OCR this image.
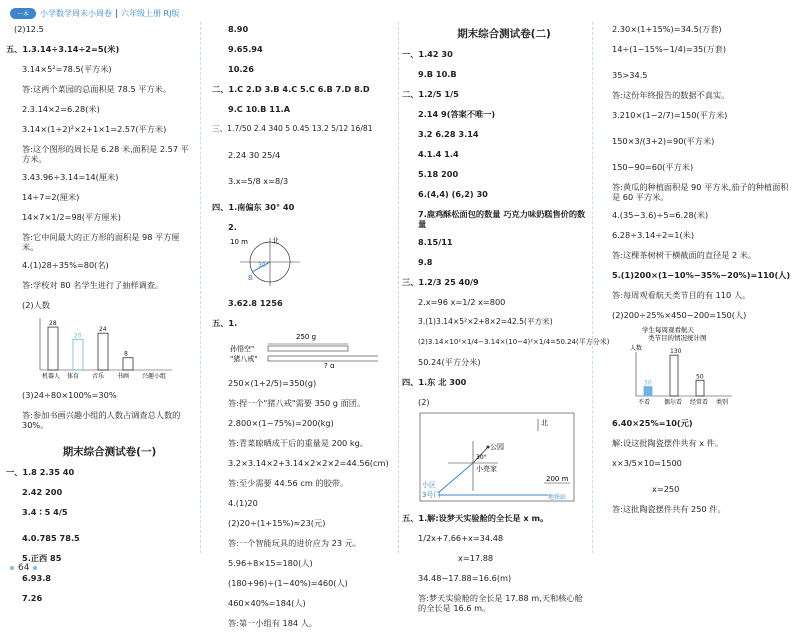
一本	小学数学周末小周卷 六年级上册 RJ版
(2)12.5
五、1.3.14÷3.14÷2=5(米)
3.14×5²=78.5(平方米)
答:这两个菜园的总面积是 78.5 平方米。
2.3.14×2=6.28(米)
3.14×(1÷2)²×2+1×1=2.57(平方米)
答:这个图形的周长是 6.28 米,面积是 2.57 平方米。
3.43.96÷3.14=14(厘米)
14÷7=2(厘米)
14×7×1/2=98(平方厘米)
答:它中间最大的正方形的面积是 98 平方厘米。
4.(1)28÷35%=80(名)
答:学校对 80 名学生进行了抽样调查。
(2)人数
28
20
24
8
机器人 体育 音乐 书画 兴趣小组
(3)24÷80×100%=30%
答:参加书画兴趣小组的人数占调查总人数的 30%。
期末综合测试卷(一)
一、1.8 2.35 40
2.42 200
3.4 ∶ 5 4/5
4.0.785 78.5
5.正西 85
6.93.8
7.26
8.90
9.65.94
10.26
二、1.C 2.D 3.B 4.C 5.C 6.B 7.D 8.D
9.C 10.B 11.A
三、1.7/50 2.4 340 5 0.45 13.2 5/12 16/81
2.24 30 25/4
3.x=5/8 x=8/3
四、1.南偏东 30° 40
2.
10 m	北
30°
B
3.62.8 1256
五、1.
250 g
孙悟空"
"猪八戒"
? g
250×(1+2/5)=350(g)
答:捏一个"猪八戒"需要 350 g 面团。
2.800×(1−75%)=200(kg)
答:青菜晾晒成干后的重量是 200 kg。
3.2×3.14×2+3.14×2×2×2=44.56(cm)
答:至少需要 44.56 cm 的胶带。
4.(1)20
(2)20÷(1+15%)≈23(元)
答:一个智能玩具的进价应为 23 元。
5.96÷8×15=180(人)
(180+96)÷(1−40%)=460(人)
460×40%=184(人)
答:第一小组有 184 人。
期末综合测试卷(二)
一、1.42 30
9.B 10.B
二、1.2/5 1/5
2.14 9(答案不唯一)
3.2 6.28 3.14
4.1.4 1.4
5.18 200
6.(4,4) (6,2) 30
7.鹿鸡酥松面包的数量 巧克力味奶糕售价的数量
8.15/11
9.8
三、1.2/3 25 40/9
2.x=96 x=1/2 x=800
3.(1)3.14×5²×2+8×2=42.5(平方米)
(2)3.14×10²×1/4−3.14×(10−4)²×1/4=50.24(平方分米)
50.24(平方分米)
四、1.东 北 300
(2)
北
公园
小亮家
30°
小区
3号门
200 m
地铁站
五、1.解:设梦天实验舱的全长是 x m。
1/2x+7.66+x=34.48
x=17.88
34.48−17.88=16.6(m)
答:梦天实验舱的全长是 17.88 m,天和核心舱的全长是 16.6 m。
2.30×(1+15%)=34.5(万套)
14÷(1−15%−1/4)=35(万套)
35>34.5
答:这份年终报告的数据不真实。
3.210×(1−2/7)=150(平方米)
150×3/(3+2)=90(平方米)
150−90=60(平方米)
答:黄瓜的种植面积是 90 平方米,茄子的种植面积是 60 平方米。
4.(35−3.6)÷5=6.28(米)
6.28÷3.14÷2=1(米)
答:这棵茶树树干横截面的直径是 2 米。
5.(1)200×(1−10%−35%−20%)=110(人)
答:每周观看航天类节目的有 110 人。
(2)200÷25%×450−200=150(人)
学生每周观看航天
类节目的情况统计图
人数
30
130
50
不看 偶尔看 经常看 类别
6.40×25%=10(元)
解:设这批陶瓷摆件共有 x 件。
x×3/5×10=1500
x=250
答:这批陶瓷摆件共有 250 件。
64
